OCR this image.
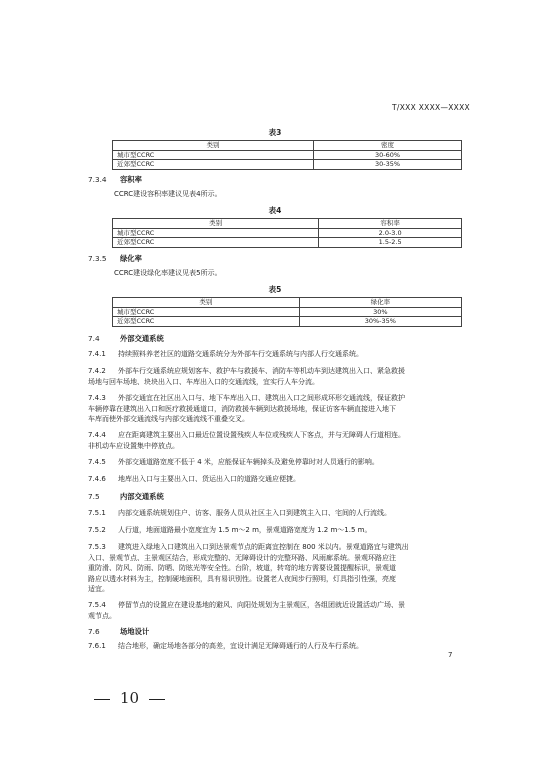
T/XXX XXXX—XXXX
表3
类别	密度
城市型CCRC	30-60%
近郊型CCRC	30-35%
7.3.4 容积率
CCRC建设容积率建议见表4所示。
表4
类别	容积率
城市型CCRC	2.0-3.0
近郊型CCRC	1.5-2.5
7.3.5 绿化率
CCRC建设绿化率建议见表5所示。
表5
类别	绿化率
城市型CCRC	30%
近郊型CCRC	30%-35%
7.4	外部交通系统
7.4.1 持续照料养老社区的道路交通系统分为外部车行交通系统与内部人行交通系统。
7.4.2 外部车行交通系统应规划客车、救护车与救援车、消防车等机动车到达建筑出入口、紧急救援
场地与回车场地、块块出入口、车库出入口的交通流线，宜实行人车分流。
7.4.3 外部交通宜在社区出入口与、地下车库出入口、建筑出入口之间形成环形交通流线，保证救护
车辆停靠在建筑出入口和医疗救援通道口，消防救援车辆到达救援场地，保证访客车辆直接进入地下
车库而使外部交通流线与内部交通流线不重叠交叉。
7.4.4 应在距离建筑主要出入口最近位置设置残疾人车位或残疾人下客点，并与无障碍人行道相连。
非机动车应设置集中停放点。
7.4.5 外部交通道路宽度不低于 4 米，应能保证车辆掉头及避免停靠时对人员通行的影响。
7.4.6 地库出入口与主要出入口、货运出入口的道路交通应便捷。
7.5	内部交通系统
7.5.1 内部交通系统规划住户、访客、服务人员从社区主入口到建筑主入口、宅间的人行流线。
7.5.2 人行道，地面道路最小宽度宜为 1.5 m～2 m，景观道路宽度为 1.2 m～1.5 m。
7.5.3 建筑进入绿地入口建筑出入口到达景观节点的距离宜控制在 800 米以内。景观道路宜与建筑出
入口、景观节点、主景观区结合，形成完整的、无障碍设计的完整环路、风雨廊系统。景观环路应注
重防滑、防风、防雨、防晒、防眩光等安全性。台阶，坡道，转弯的地方需要设置提醒标识，景观道
路应以透水材料为主，控制硬地面积，具有易识别性。设置老人夜间步行照明，灯具指引性强，亮度
适宜。
7.5.4 停留节点的设置应在建设基地的避风、向阳处规划为主景观区，各组团就近设置活动广场、景
观节点。
7.6	场地设计
7.6.1 结合地形，确定场地各部分的高差，宜设计满足无障碍通行的人行及车行系统。
7
10
